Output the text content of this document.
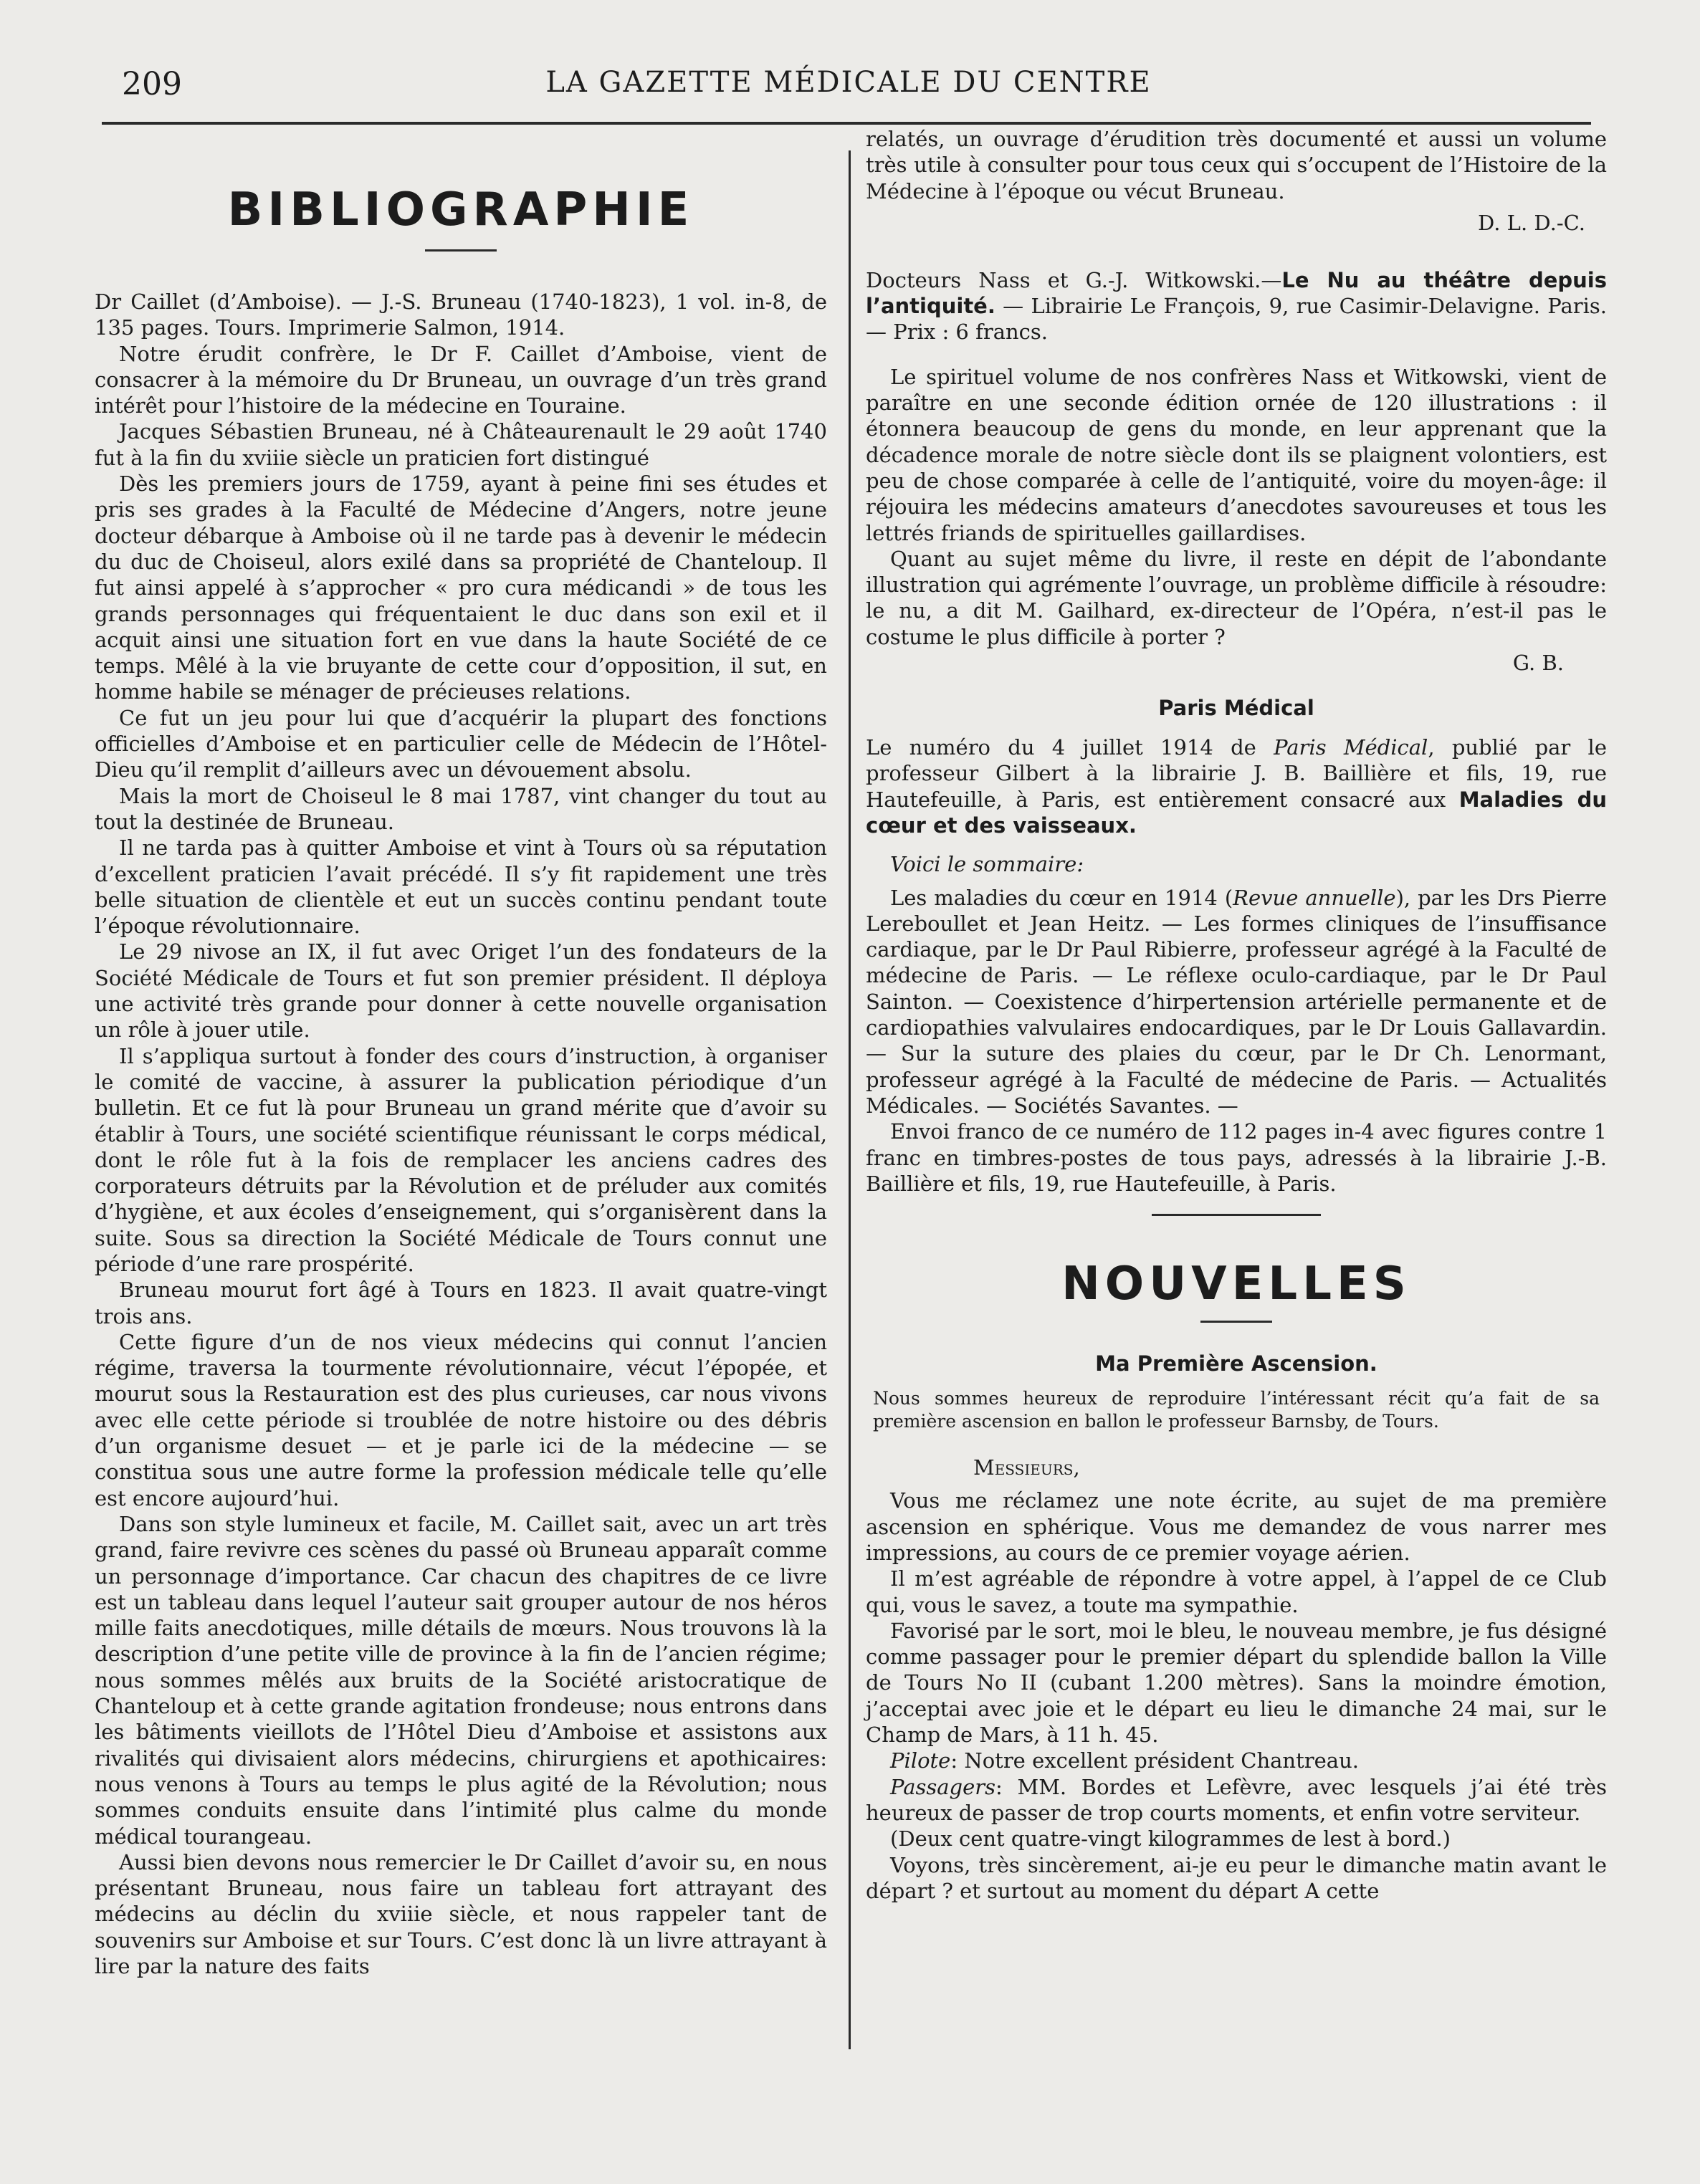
209	LA GAZETTE MÉDICALE DU CENTRE
BIBLIOGRAPHIE

Dr Caillet (d’Amboise). — J.-S. Bruneau (1740-1823), 1 vol. in-8, de 135 pages. Tours. Imprimerie Salmon, 1914.

Notre érudit confrère, le Dr F. Caillet d’Amboise, vient de consacrer à la mémoire du Dr Bruneau, un ouvrage d’un très grand intérêt pour l’histoire de la médecine en Touraine.

Jacques Sébastien Bruneau, né à Châteaurenault le 29 août 1740 fut à la fin du xviiie siècle un praticien fort distingué

Dès les premiers jours de 1759, ayant à peine fini ses études et pris ses grades à la Faculté de Médecine d’Angers, notre jeune docteur débarque à Amboise où il ne tarde pas à devenir le médecin du duc de Choiseul, alors exilé dans sa propriété de Chanteloup. Il fut ainsi appelé à s’approcher « pro cura médicandi » de tous les grands personnages qui fréquentaient le duc dans son exil et il acquit ainsi une situation fort en vue dans la haute Société de ce temps. Mêlé à la vie bruyante de cette cour d’opposition, il sut, en homme habile se ménager de précieuses relations.

Ce fut un jeu pour lui que d’acquérir la plupart des fonctions officielles d’Amboise et en particulier celle de Médecin de l’Hôtel-Dieu qu’il remplit d’ailleurs avec un dévouement absolu.

Mais la mort de Choiseul le 8 mai 1787, vint changer du tout au tout la destinée de Bruneau.

Il ne tarda pas à quitter Amboise et vint à Tours où sa réputation d’excellent praticien l’avait précédé. Il s’y fit rapidement une très belle situation de clientèle et eut un succès continu pendant toute l’époque révolutionnaire.

Le 29 nivose an IX, il fut avec Origet l’un des fondateurs de la Société Médicale de Tours et fut son premier président. Il déploya une activité très grande pour donner à cette nouvelle organisation un rôle à jouer utile.

Il s’appliqua surtout à fonder des cours d’instruction, à organiser le comité de vaccine, à assurer la publication périodique d’un bulletin. Et ce fut là pour Bruneau un grand mérite que d’avoir su établir à Tours, une société scientifique réunissant le corps médical, dont le rôle fut à la fois de remplacer les anciens cadres des corporateurs détruits par la Révolution et de préluder aux comités d’hygiène, et aux écoles d’enseignement, qui s’organisèrent dans la suite. Sous sa direction la Société Médicale de Tours connut une période d’une rare prospérité.

Bruneau mourut fort âgé à Tours en 1823. Il avait quatre-vingt trois ans.

Cette figure d’un de nos vieux médecins qui connut l’ancien régime, traversa la tourmente révolutionnaire, vécut l’épopée, et mourut sous la Restauration est des plus curieuses, car nous vivons avec elle cette période si troublée de notre histoire ou des débris d’un organisme desuet — et je parle ici de la médecine — se constitua sous une autre forme la profession médicale telle qu’elle est encore aujourd’hui.

Dans son style lumineux et facile, M. Caillet sait, avec un art très grand, faire revivre ces scènes du passé où Bruneau apparaît comme un personnage d’importance. Car chacun des chapitres de ce livre est un tableau dans lequel l’auteur sait grouper autour de nos héros mille faits anecdotiques, mille détails de mœurs. Nous trouvons là la description d’une petite ville de province à la fin de l’ancien régime; nous sommes mêlés aux bruits de la Société aristocratique de Chanteloup et à cette grande agitation frondeuse; nous entrons dans les bâtiments vieillots de l’Hôtel Dieu d’Amboise et assistons aux rivalités qui divisaient alors médecins, chirurgiens et apothicaires: nous venons à Tours au temps le plus agité de la Révolution; nous sommes conduits ensuite dans l’intimité plus calme du monde médical tourangeau.

Aussi bien devons nous remercier le Dr Caillet d’avoir su, en nous présentant Bruneau, nous faire un tableau fort attrayant des médecins au déclin du xviiie siècle, et nous rappeler tant de souvenirs sur Amboise et sur Tours. C’est donc là un livre attrayant à lire par la nature des faits

relatés, un ouvrage d’érudition très documenté et aussi un volume très utile à consulter pour tous ceux qui s’occupent de l’Histoire de la Médecine à l’époque ou vécut Bruneau.

D. L. D.-C.

Docteurs Nass et G.-J. Witkowski.—Le Nu au théâtre depuis l’antiquité. — Librairie Le François, 9, rue Casimir-Delavigne. Paris. — Prix : 6 francs.

Le spirituel volume de nos confrères Nass et Witkowski, vient de paraître en une seconde édition ornée de 120 illustrations : il étonnera beaucoup de gens du monde, en leur apprenant que la décadence morale de notre siècle dont ils se plaignent volontiers, est peu de chose comparée à celle de l’antiquité, voire du moyen-âge: il réjouira les médecins amateurs d’anecdotes savoureuses et tous les lettrés friands de spirituelles gaillardises.

Quant au sujet même du livre, il reste en dépit de l’abondante illustration qui agrémente l’ouvrage, un problème difficile à résoudre: le nu, a dit M. Gailhard, ex-directeur de l’Opéra, n’est-il pas le costume le plus difficile à porter ?

G. B.
Paris Médical

Le numéro du 4 juillet 1914 de Paris Médical, publié par le professeur Gilbert à la librairie J. B. Baillière et fils, 19, rue Hautefeuille, à Paris, est entièrement consacré aux Maladies du cœur et des vaisseaux.

Voici le sommaire:

Les maladies du cœur en 1914 (Revue annuelle), par les Drs Pierre Lereboullet et Jean Heitz. — Les formes cliniques de l’insuffisance cardiaque, par le Dr Paul Ribierre, professeur agrégé à la Faculté de médecine de Paris. — Le réflexe oculo-cardiaque, par le Dr Paul Sainton. — Coexistence d’hirpertension artérielle permanente et de cardiopathies valvulaires endocardiques, par le Dr Louis Gallavardin. — Sur la suture des plaies du cœur, par le Dr Ch. Lenormant, professeur agrégé à la Faculté de médecine de Paris. — Actualités Médicales. — Sociétés Savantes. —

Envoi franco de ce numéro de 112 pages in-4 avec figures contre 1 franc en timbres-postes de tous pays, adressés à la librairie J.-B. Baillière et fils, 19, rue Hautefeuille, à Paris.

NOUVELLES
Ma Première Ascension.

Nous sommes heureux de reproduire l’intéressant récit qu’a fait de sa première ascension en ballon le professeur Barnsby, de Tours.

Messieurs,

Vous me réclamez une note écrite, au sujet de ma première ascension en sphérique. Vous me demandez de vous narrer mes impressions, au cours de ce premier voyage aérien.

Il m’est agréable de répondre à votre appel, à l’appel de ce Club qui, vous le savez, a toute ma sympathie.

Favorisé par le sort, moi le bleu, le nouveau membre, je fus désigné comme passager pour le premier départ du splendide ballon la Ville de Tours No II (cubant 1.200 mètres). Sans la moindre émotion, j’acceptai avec joie et le départ eu lieu le dimanche 24 mai, sur le Champ de Mars, à 11 h. 45.

Pilote: Notre excellent président Chantreau.

Passagers: MM. Bordes et Lefèvre, avec lesquels j’ai été très heureux de passer de trop courts moments, et enfin votre serviteur.

(Deux cent quatre-vingt kilogrammes de lest à bord.)

Voyons, très sincèrement, ai-je eu peur le dimanche matin avant le départ ? et surtout au moment du départ A cette
